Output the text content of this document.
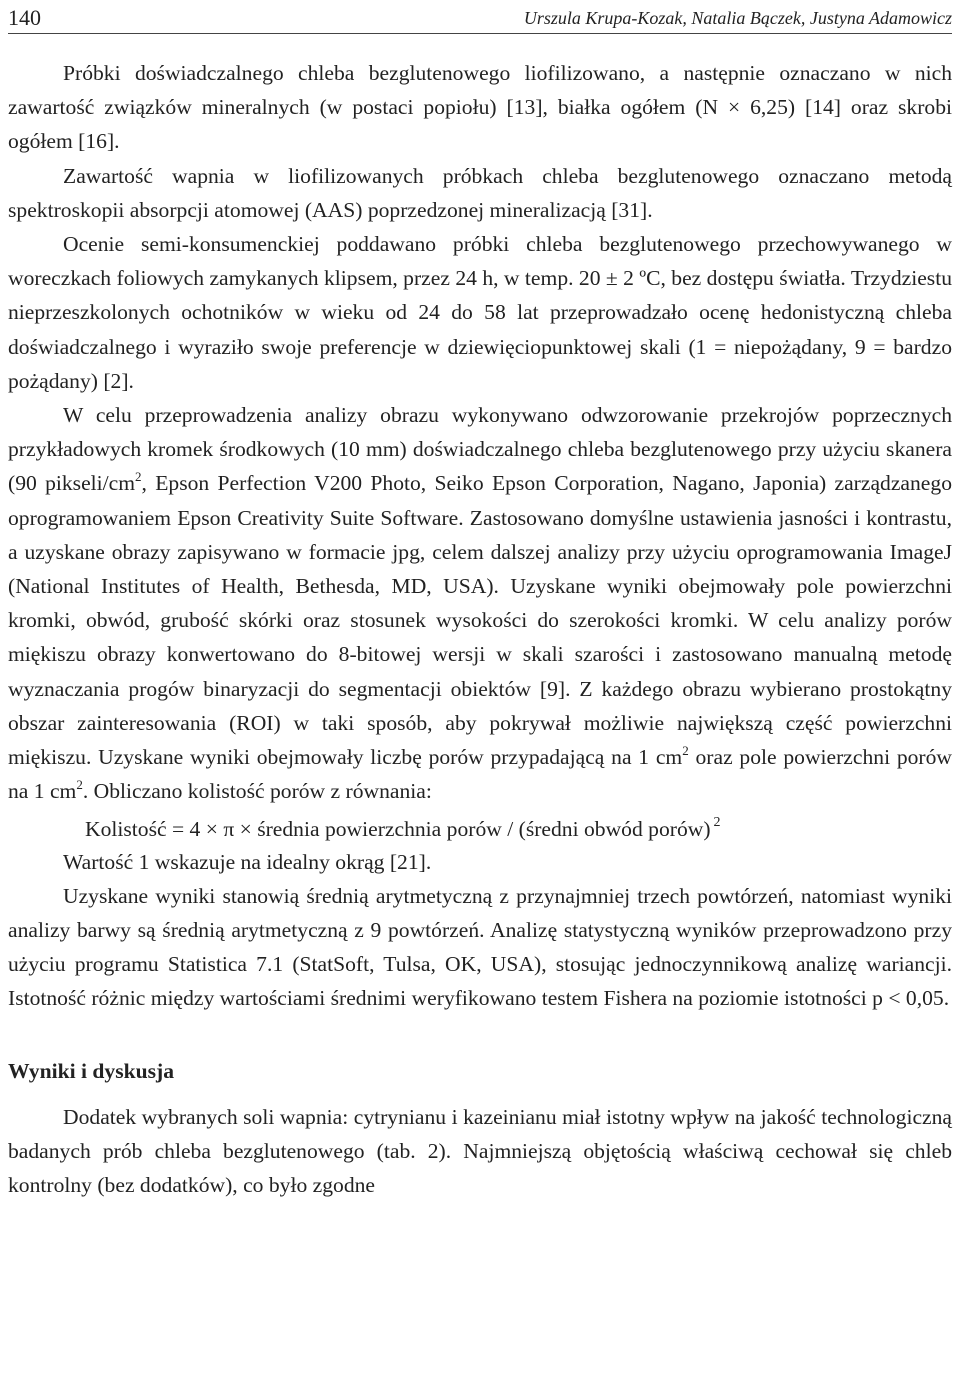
140	Urszula Krupa-Kozak, Natalia Bączek, Justyna Adamowicz

Próbki doświadczalnego chleba bezglutenowego liofilizowano, a następnie oznaczano w nich zawartość związków mineralnych (w postaci popiołu) [13], białka ogółem (N × 6,25) [14] oraz skrobi ogółem [16].

Zawartość wapnia w liofilizowanych próbkach chleba bezglutenowego oznaczano metodą spektroskopii absorpcji atomowej (AAS) poprzedzonej mineralizacją [31].

Ocenie semi-konsumenckiej poddawano próbki chleba bezglutenowego przechowywanego w woreczkach foliowych zamykanych klipsem, przez 24 h, w temp. 20 ± 2 ºC, bez dostępu światła. Trzydziestu nieprzeszkolonych ochotników w wieku od 24 do 58 lat przeprowadzało ocenę hedonistyczną chleba doświadczalnego i wyraziło swoje preferencje w dziewięciopunktowej skali (1 = niepożądany, 9 = bardzo pożądany) [2].

W celu przeprowadzenia analizy obrazu wykonywano odwzorowanie przekrojów poprzecznych przykładowych kromek środkowych (10 mm) doświadczalnego chleba bezglutenowego przy użyciu skanera (90 pikseli/$cm^2$, Epson Perfection V200 Photo, Seiko Epson Corporation, Nagano, Japonia) zarządzanego oprogramowaniem Epson Creativity Suite Software. Zastosowano domyślne ustawienia jasności i kontrastu, a uzyskane obrazy zapisywano w formacie jpg, celem dalszej analizy przy użyciu oprogramowania ImageJ (National Institutes of Health, Bethesda, MD, USA). Uzyskane wyniki obejmowały pole powierzchni kromki, obwód, grubość skórki oraz stosunek wysokości do szerokości kromki. W celu analizy porów miękiszu obrazy konwertowano do 8-bitowej wersji w skali szarości i zastosowano manualną metodę wyznaczania progów binaryzacji do segmentacji obiektów [9]. Z każdego obrazu wybierano prostokątny obszar zainteresowania (ROI) w taki sposób, aby pokrywał możliwie największą część powierzchni miękiszu. Uzyskane wyniki obejmowały liczbę porów przypadającą na 1 $cm^2$ oraz pole powierzchni porów na 1 $cm^2$. Obliczano kolistość porów z równania:

Kolistość = 4 × π × średnia powierzchnia porów / (średni obwód porów) $^2$

Wartość 1 wskazuje na idealny okrąg [21].

Uzyskane wyniki stanowią średnią arytmetyczną z przynajmniej trzech powtórzeń, natomiast wyniki analizy barwy są średnią arytmetyczną z 9 powtórzeń. Analizę statystyczną wyników przeprowadzono przy użyciu programu Statistica 7.1 (StatSoft, Tulsa, OK, USA), stosując jednoczynnikową analizę wariancji. Istotność różnic między wartościami średnimi weryfikowano testem Fishera na poziomie istotności p < 0,05.

Wyniki i dyskusja

Dodatek wybranych soli wapnia: cytrynianu i kazeinianu miał istotny wpływ na jakość technologiczną badanych prób chleba bezglutenowego (tab. 2). Najmniejszą objętością właściwą cechował się chleb kontrolny (bez dodatków), co było zgodne
